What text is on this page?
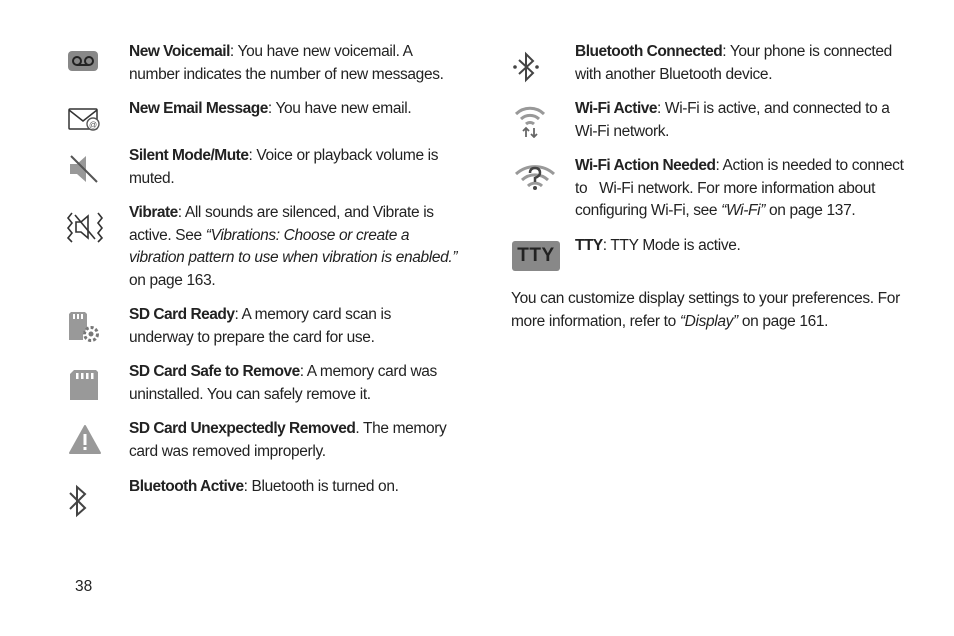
New Voicemail: You have new voicemail. A number indicates the number of new messages.
@
New Email Message: You have new email.
Silent Mode/Mute: Voice or playback volume is muted.
Vibrate: All sounds are silenced, and Vibrate is active. See “Vibrations: Choose or create a vibration pattern to use when vibration is enabled.” on page 163.
SD Card Ready: A memory card scan is underway to prepare the card for use.
SD Card Safe to Remove: A memory card was uninstalled. You can safely remove it.
SD Card Unexpectedly Removed. The memory card was removed improperly.
Bluetooth Active: Bluetooth is turned on.
Bluetooth Connected: Your phone is connected with another Bluetooth device.
Wi-Fi Active: Wi-Fi is active, and connected to a Wi-Fi network.
Wi-Fi Action Needed: Action is needed to connect to   Wi-Fi network. For more information about configuring Wi-Fi, see “Wi-Fi” on page 137.
TTY	TTY: TTY Mode is active.
You can customize display settings to your preferences. For more information, refer to “Display” on page 161.
38
